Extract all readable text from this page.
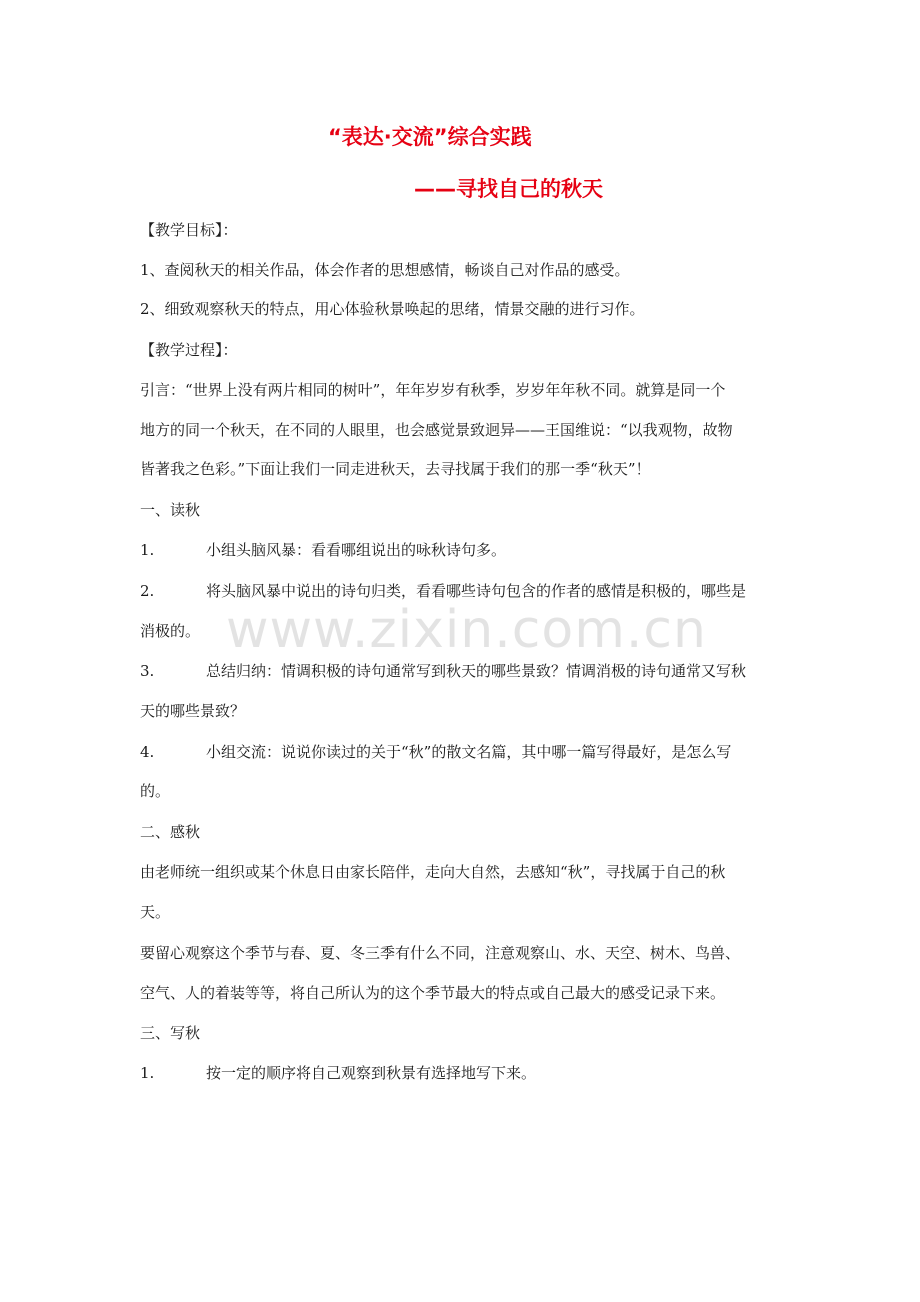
“表达·交流”综合实践
——寻找自己的秋天
www.zixin.com.cn
【教学目标】：
1、查阅秋天的相关作品，体会作者的思想感情，畅谈自己对作品的感受。
2、细致观察秋天的特点，用心体验秋景唤起的思绪，情景交融的进行习作。
【教学过程】：
引言：“世界上没有两片相同的树叶”，年年岁岁有秋季，岁岁年年秋不同。就算是同一个
地方的同一个秋天，在不同的人眼里，也会感觉景致迥异——王国维说：“以我观物，故物
皆著我之色彩。”下面让我们一同走进秋天，去寻找属于我们的那一季“秋天”！
一、读秋
1.	小组头脑风暴：看看哪组说出的咏秋诗句多。
2.	将头脑风暴中说出的诗句归类，看看哪些诗句包含的作者的感情是积极的，哪些是
消极的。
3.	总结归纳：情调积极的诗句通常写到秋天的哪些景致？情调消极的诗句通常又写秋
天的哪些景致？
4.	小组交流：说说你读过的关于“秋”的散文名篇，其中哪一篇写得最好，是怎么写
的。
二、感秋
由老师统一组织或某个休息日由家长陪伴，走向大自然，去感知“秋”，寻找属于自己的秋
天。
要留心观察这个季节与春、夏、冬三季有什么不同，注意观察山、水、天空、树木、鸟兽、
空气、人的着装等等，将自己所认为的这个季节最大的特点或自己最大的感受记录下来。
三、写秋
1.	按一定的顺序将自己观察到秋景有选择地写下来。
